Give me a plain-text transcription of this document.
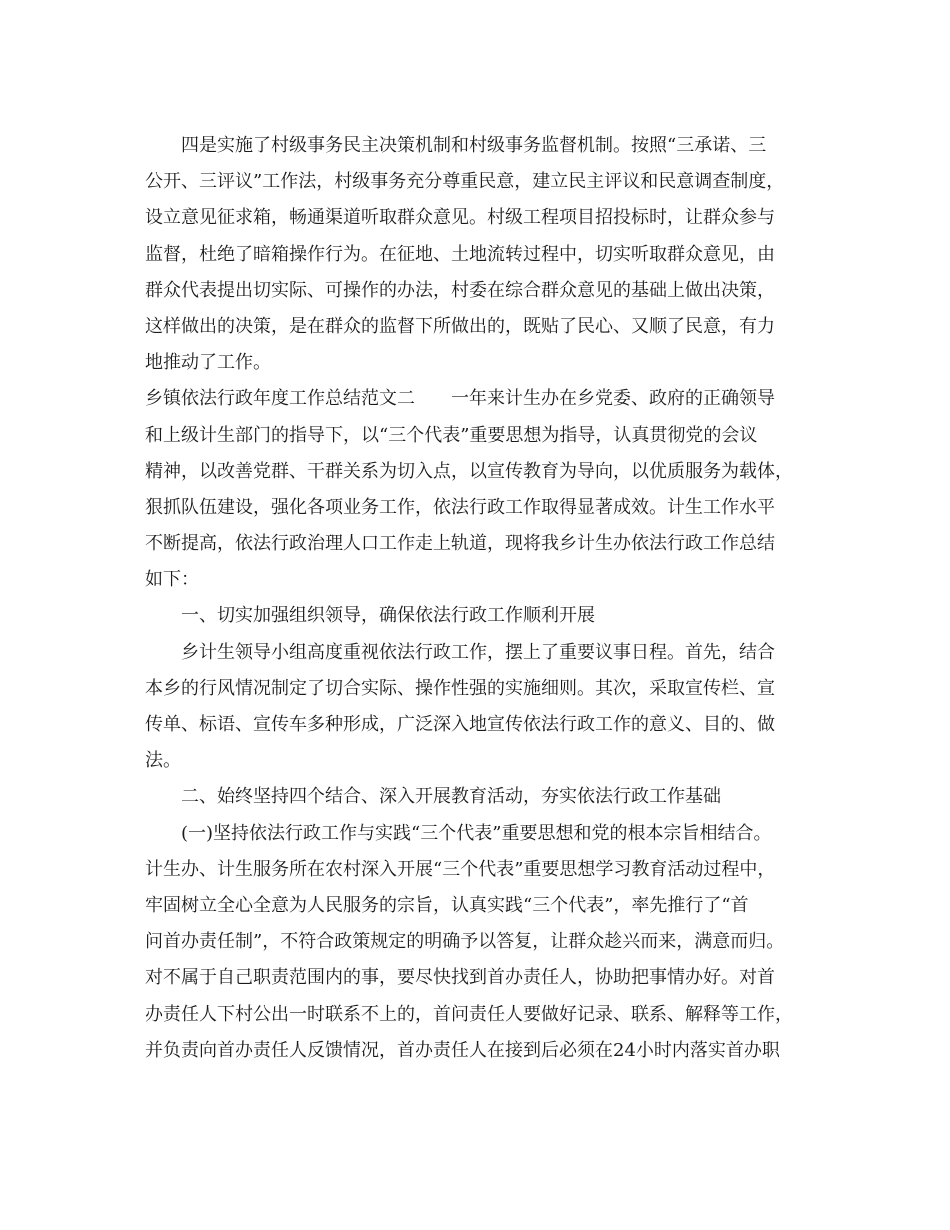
四是实施了村级事务民主决策机制和村级事务监督机制。按照“三承诺、三
公开、三评议”工作法，村级事务充分尊重民意，建立民主评议和民意调查制度，
设立意见征求箱，畅通渠道听取群众意见。村级工程项目招投标时，让群众参与
监督，杜绝了暗箱操作行为。在征地、土地流转过程中，切实听取群众意见，由
群众代表提出切实际、可操作的办法，村委在综合群众意见的基础上做出决策，
这样做出的决策，是在群众的监督下所做出的，既贴了民心、又顺了民意，有力
地推动了工作。
乡镇依法行政年度工作总结范文二　　一年来计生办在乡党委、政府的正确领导
和上级计生部门的指导下，以“三个代表”重要思想为指导，认真贯彻党的会议
精神，以改善党群、干群关系为切入点，以宣传教育为导向，以优质服务为载体，
狠抓队伍建设，强化各项业务工作，依法行政工作取得显著成效。计生工作水平
不断提高，依法行政治理人口工作走上轨道，现将我乡计生办依法行政工作总结
如下：
一、切实加强组织领导，确保依法行政工作顺利开展
乡计生领导小组高度重视依法行政工作，摆上了重要议事日程。首先，结合
本乡的行风情况制定了切合实际、操作性强的实施细则。其次，采取宣传栏、宣
传单、标语、宣传车多种形成，广泛深入地宣传依法行政工作的意义、目的、做
法。
二、始终坚持四个结合、深入开展教育活动，夯实依法行政工作基础
(一)坚持依法行政工作与实践“三个代表”重要思想和党的根本宗旨相结合。
计生办、计生服务所在农村深入开展“三个代表”重要思想学习教育活动过程中，
牢固树立全心全意为人民服务的宗旨，认真实践“三个代表”，率先推行了“首
问首办责任制”，不符合政策规定的明确予以答复，让群众趁兴而来，满意而归。
对不属于自己职责范围内的事，要尽快找到首办责任人，协助把事情办好。对首
办责任人下村公出一时联系不上的，首问责任人要做好记录、联系、解释等工作，
并负责向首办责任人反馈情况，首办责任人在接到后必须在24小时内落实首办职
